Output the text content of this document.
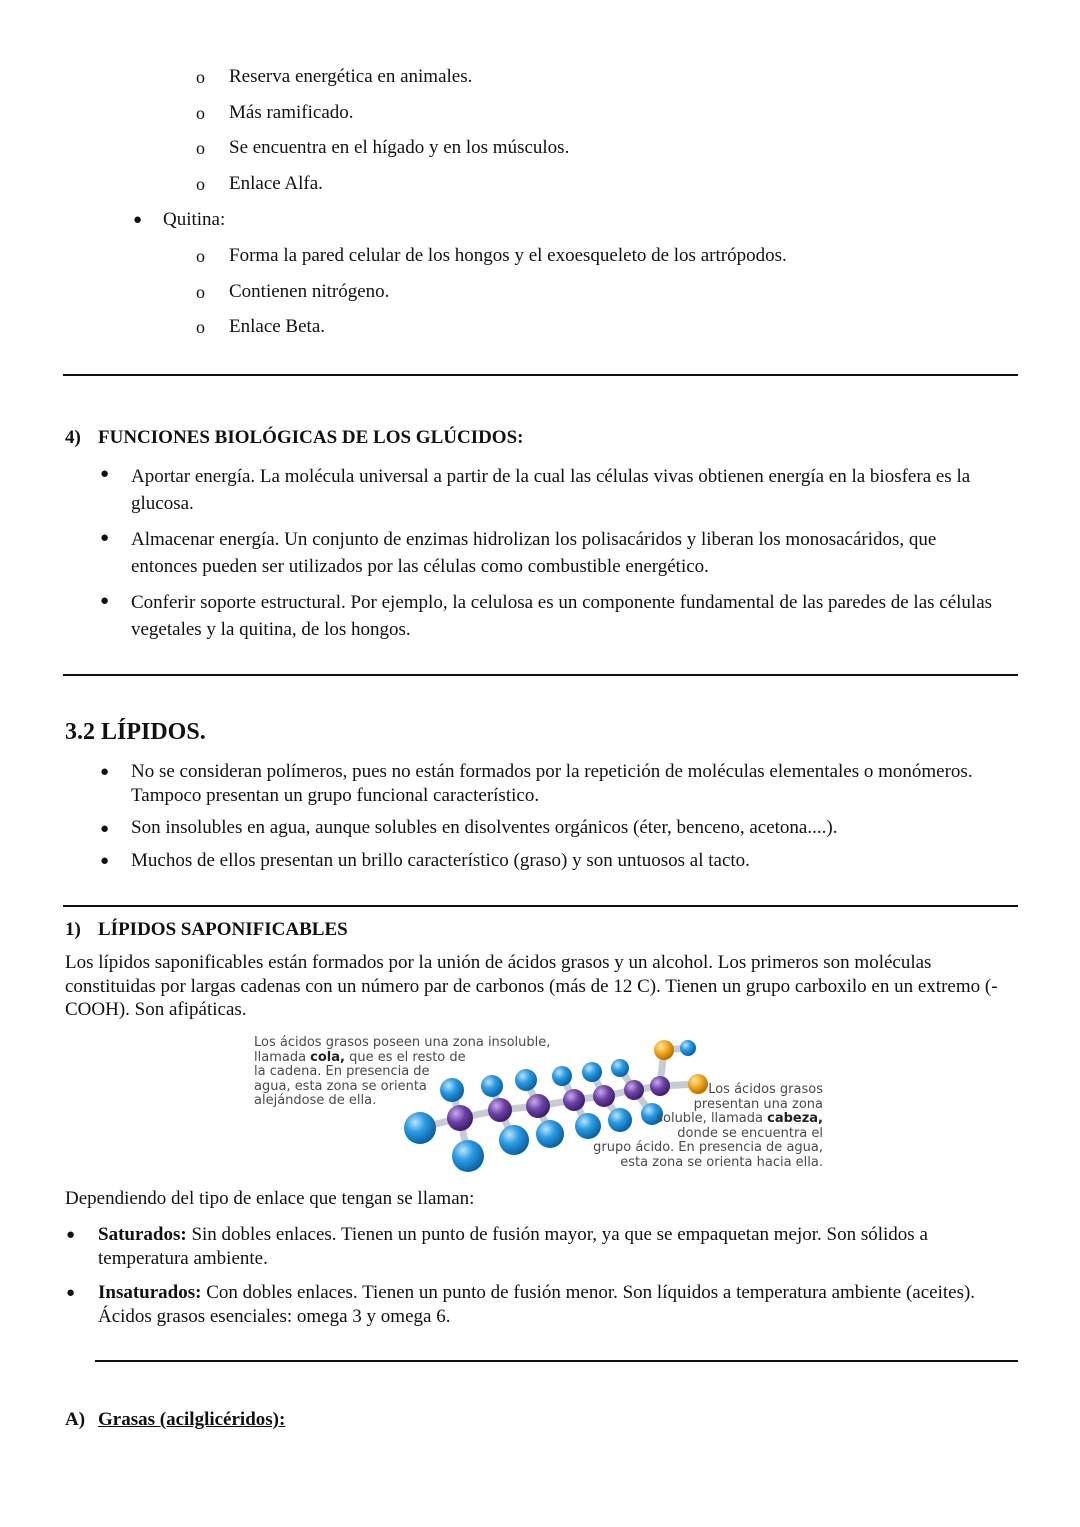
o Reserva energética en animales.
o Más ramificado.
o Se encuentra en el hígado y en los músculos.
o Enlace Alfa.
● Quitina:
o Forma la pared celular de los hongos y el exoesqueleto de los artrópodos.
o Contienen nitrógeno.
o Enlace Beta.
4) FUNCIONES BIOLÓGICAS DE LOS GLÚCIDOS:
● Aportar energía. La molécula universal a partir de la cual las células vivas obtienen energía en la biosfera es la glucosa.
● Almacenar energía. Un conjunto de enzimas hidrolizan los polisacáridos y liberan los monosacáridos, que entonces pueden ser utilizados por las células como combustible energético.
● Conferir soporte estructural. Por ejemplo, la celulosa es un componente fundamental de las paredes de las células vegetales y la quitina, de los hongos.
3.2 LÍPIDOS.
● No se consideran polímeros, pues no están formados por la repetición de moléculas elementales o monómeros. Tampoco presentan un grupo funcional característico.
● Son insolubles en agua, aunque solubles en disolventes orgánicos (éter, benceno, acetona....).
● Muchos de ellos presentan un brillo característico (graso) y son untuosos al tacto.
1) LÍPIDOS SAPONIFICABLES
Los lípidos saponificables están formados por la unión de ácidos grasos y un alcohol. Los primeros son moléculas constituidas por largas cadenas con un número par de carbonos (más de 12 C). Tienen un grupo carboxilo en un extremo (-COOH). Son afipáticas.
Los ácidos grasos poseen una zona insoluble,
llamada cola, que es el resto de
la cadena. En presencia de
agua, esta zona se orienta
alejándose de ella.
Los ácidos grasos
presentan una zona
soluble, llamada cabeza,
donde se encuentra el
grupo ácido. En presencia de agua,
esta zona se orienta hacia ella.
Dependiendo del tipo de enlace que tengan se llaman:
● Saturados: Sin dobles enlaces. Tienen un punto de fusión mayor, ya que se empaquetan mejor. Son sólidos a temperatura ambiente.
● Insaturados: Con dobles enlaces. Tienen un punto de fusión menor. Son líquidos a temperatura ambiente (aceites). Ácidos grasos esenciales: omega 3 y omega 6.
A) Grasas (acilglicéridos):
